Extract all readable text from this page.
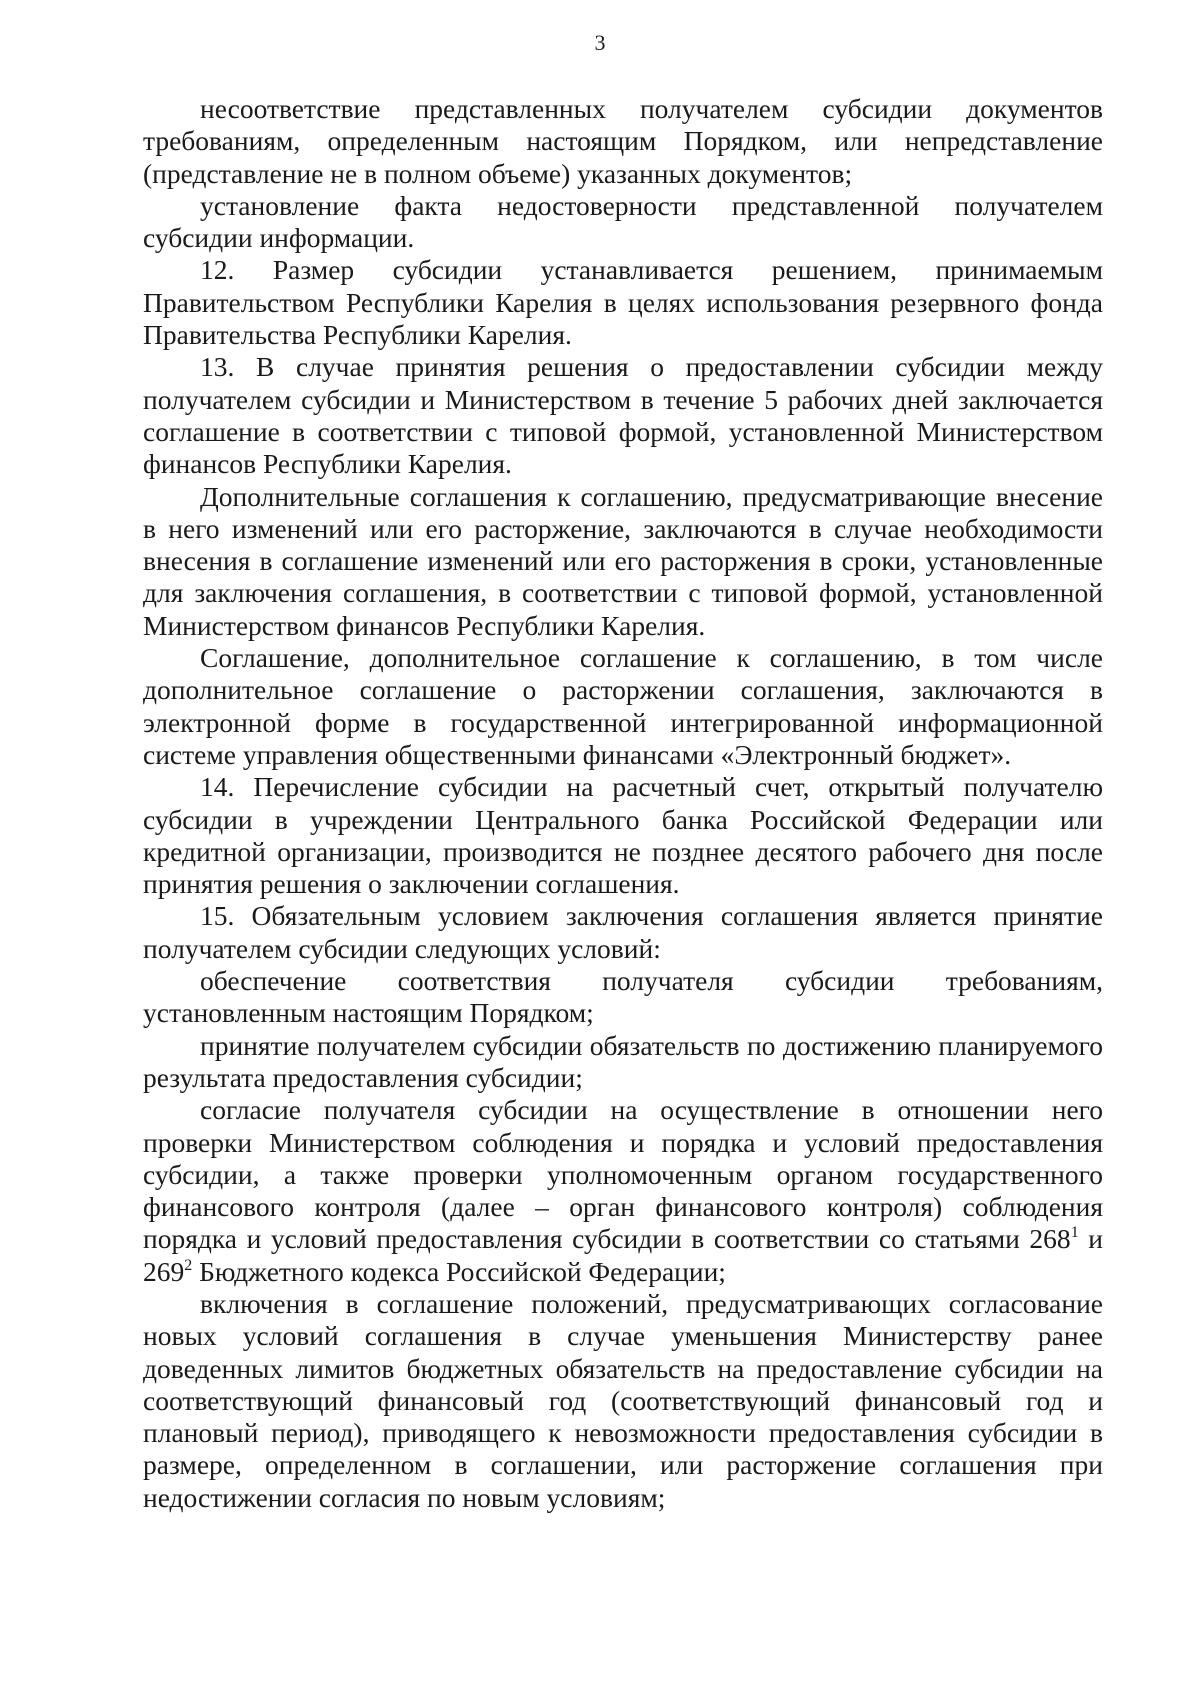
3

несоответствие представленных получателем субсидии документов требованиям, определенным настоящим Порядком, или непредставление (представление не в полном объеме) указанных документов;

установление факта недостоверности представленной получателем субсидии информации.

12. Размер субсидии устанавливается решением, принимаемым Правительством Республики Карелия в целях использования резервного фонда Правительства Республики Карелия.

13. В случае принятия решения о предоставлении субсидии между получателем субсидии и Министерством в течение 5 рабочих дней заключается соглашение в соответствии с типовой формой, установленной Министерством финансов Республики Карелия.

Дополнительные соглашения к соглашению, предусматривающие внесение в него изменений или его расторжение, заключаются в случае необходимости внесения в соглашение изменений или его расторжения в сроки, установленные для заключения соглашения, в соответствии с типовой формой, установленной Министерством финансов Республики Карелия.

Соглашение, дополнительное соглашение к соглашению, в том числе дополнительное соглашение о расторжении соглашения, заключаются в электронной форме в государственной интегрированной информационной системе управления общественными финансами «Электронный бюджет».

14. Перечисление субсидии на расчетный счет, открытый получателю субсидии в учреждении Центрального банка Российской Федерации или кредитной организации, производится не позднее десятого рабочего дня после принятия решения о заключении соглашения.

15. Обязательным условием заключения соглашения является принятие получателем субсидии следующих условий:

обеспечение соответствия получателя субсидии требованиям, установленным настоящим Порядком;

принятие получателем субсидии обязательств по достижению планируемого результата предоставления субсидии;

согласие получателя субсидии на осуществление в отношении него проверки Министерством соблюдения и порядка и условий предоставления субсидии, а также проверки уполномоченным органом государственного финансового контроля (далее – орган финансового контроля) соблюдения порядка и условий предоставления субсидии в соответствии со статьями $268^1$ и $269^2$ Бюджетного кодекса Российской Федерации;

включения в соглашение положений, предусматривающих согласование новых условий соглашения в случае уменьшения Министерству ранее доведенных лимитов бюджетных обязательств на предоставление субсидии на соответствующий финансовый год (соответствующий финансовый год и плановый период), приводящего к невозможности предоставления субсидии в размере, определенном в соглашении, или расторжение соглашения при недостижении согласия по новым условиям;
